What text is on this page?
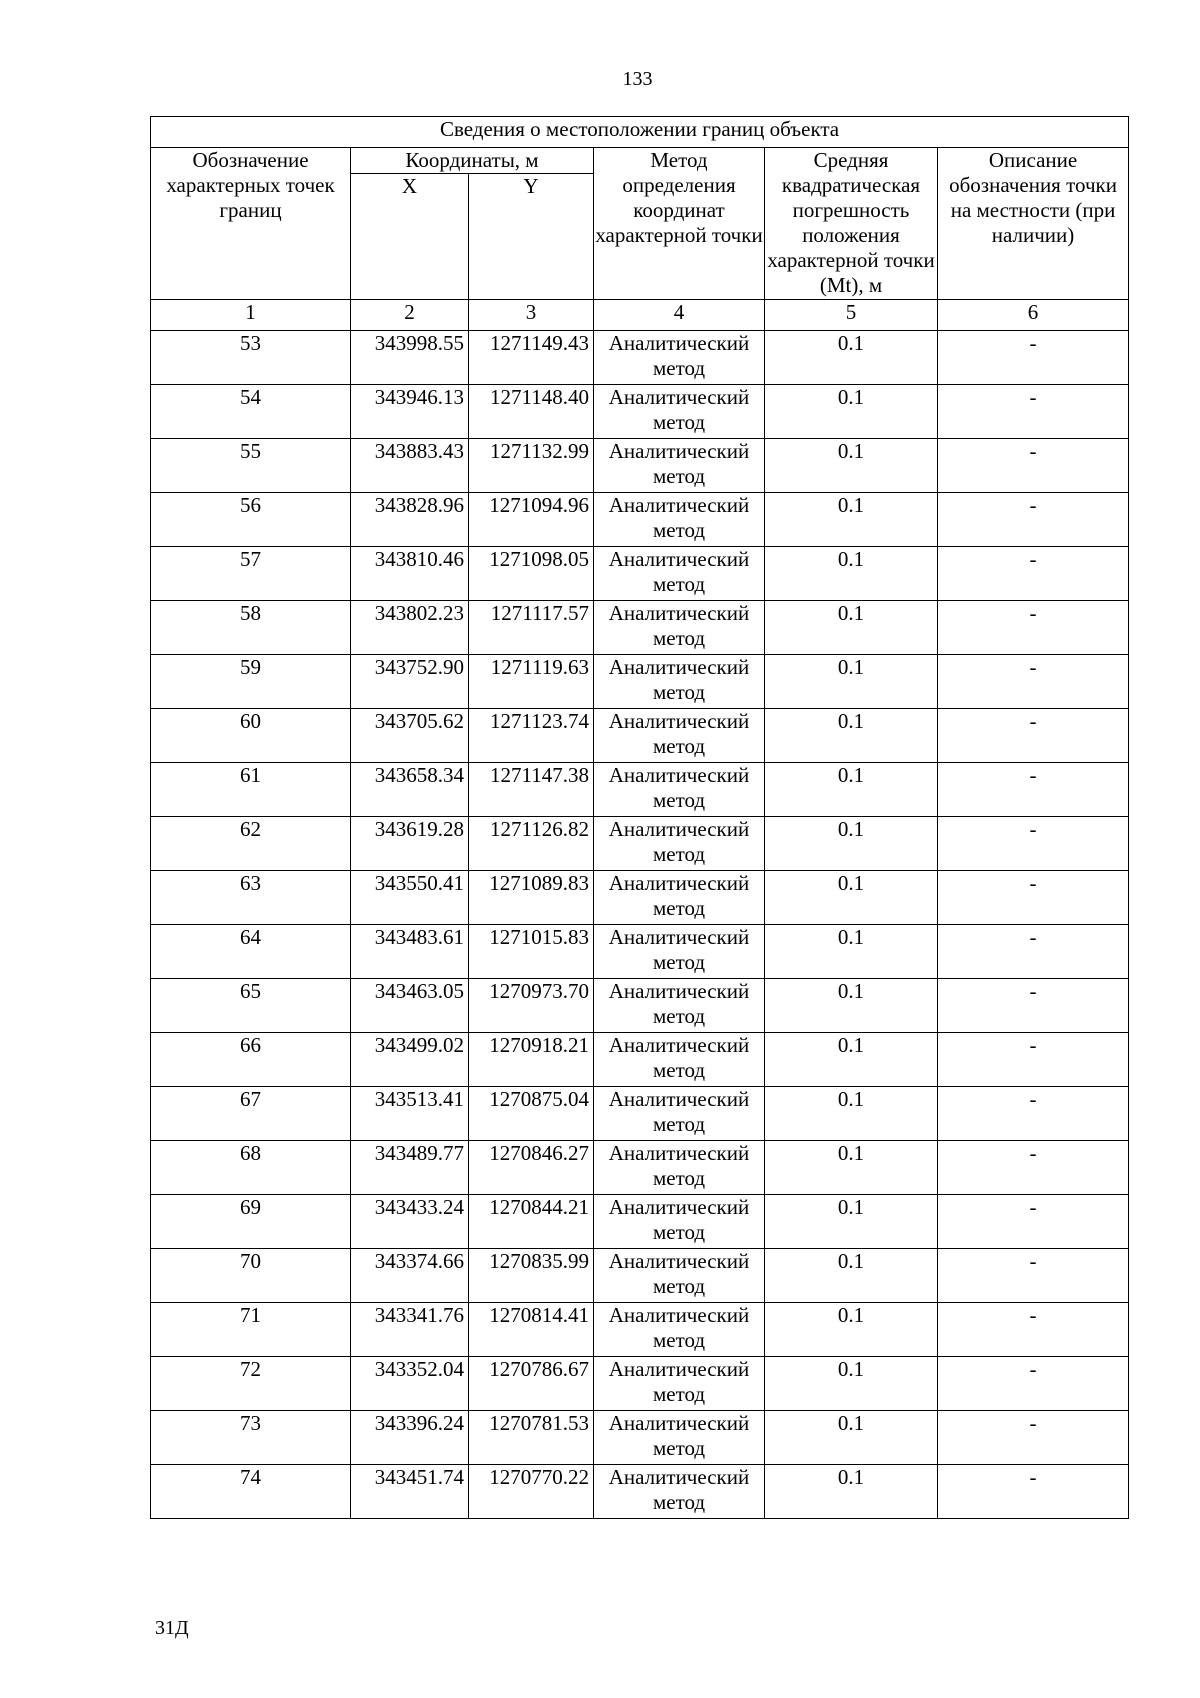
133
Сведения о местоположении границ объекта					
Обозначение характерных точек границ	Координаты, м		Метод определения координат характерной точки	Средняя квадратическая погрешность положения характерной точки (Mt), м	Описание обозначения точки на местности (при наличии)
	X	Y			
1	2	3	4	5	6
53	343998.55	1271149.43	Аналитический метод	0.1	-
54	343946.13	1271148.40	Аналитический метод	0.1	-
55	343883.43	1271132.99	Аналитический метод	0.1	-
56	343828.96	1271094.96	Аналитический метод	0.1	-
57	343810.46	1271098.05	Аналитический метод	0.1	-
58	343802.23	1271117.57	Аналитический метод	0.1	-
59	343752.90	1271119.63	Аналитический метод	0.1	-
60	343705.62	1271123.74	Аналитический метод	0.1	-
61	343658.34	1271147.38	Аналитический метод	0.1	-
62	343619.28	1271126.82	Аналитический метод	0.1	-
63	343550.41	1271089.83	Аналитический метод	0.1	-
64	343483.61	1271015.83	Аналитический метод	0.1	-
65	343463.05	1270973.70	Аналитический метод	0.1	-
66	343499.02	1270918.21	Аналитический метод	0.1	-
67	343513.41	1270875.04	Аналитический метод	0.1	-
68	343489.77	1270846.27	Аналитический метод	0.1	-
69	343433.24	1270844.21	Аналитический метод	0.1	-
70	343374.66	1270835.99	Аналитический метод	0.1	-
71	343341.76	1270814.41	Аналитический метод	0.1	-
72	343352.04	1270786.67	Аналитический метод	0.1	-
73	343396.24	1270781.53	Аналитический метод	0.1	-
74	343451.74	1270770.22	Аналитический метод	0.1	-
31Д
